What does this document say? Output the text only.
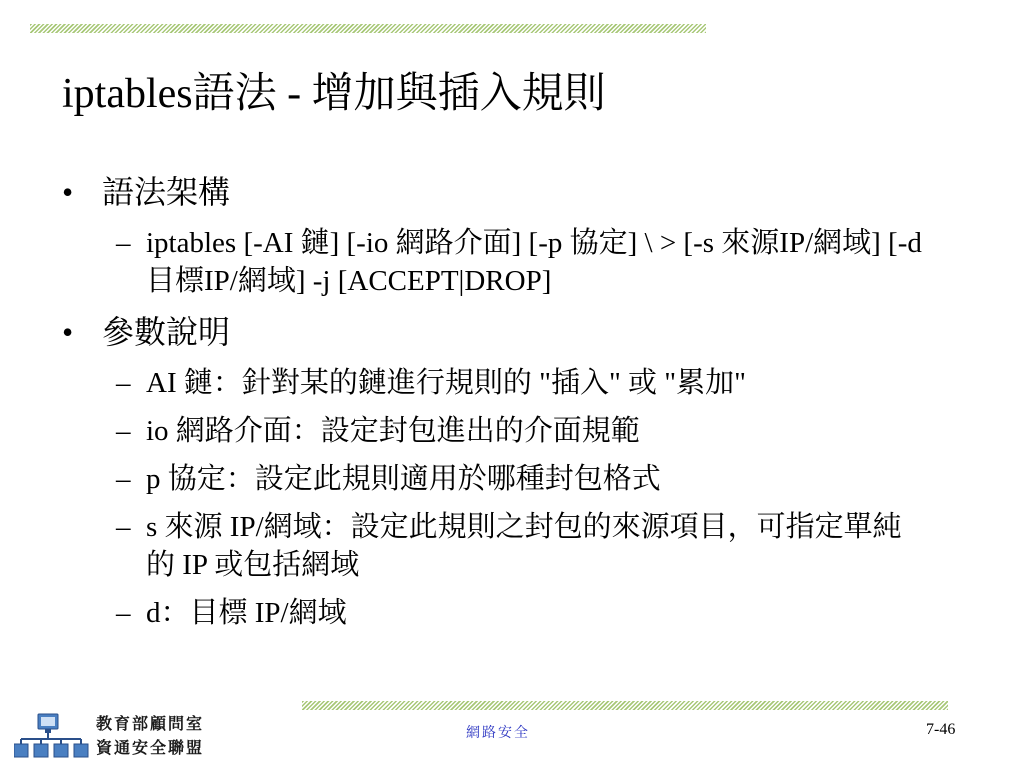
iptables語法 - 增加與插入規則
• 語法架構
– iptables [-AI 鏈] [-io 網路介面] [-p 協定] \ > [-s 來源IP/網域] [-d 目標IP/網域] -j [ACCEPT|DROP]
• 參數說明
– AI 鏈：針對某的鏈進行規則的 "插入" 或 "累加"
– io 網路介面：設定封包進出的介面規範
– p 協定：設定此規則適用於哪種封包格式
– s 來源 IP/網域：設定此規則之封包的來源項目，可指定單純的 IP 或包括網域
– d：目標 IP/網域
教育部顧問室
資通安全聯盟
網路安全	7-46
